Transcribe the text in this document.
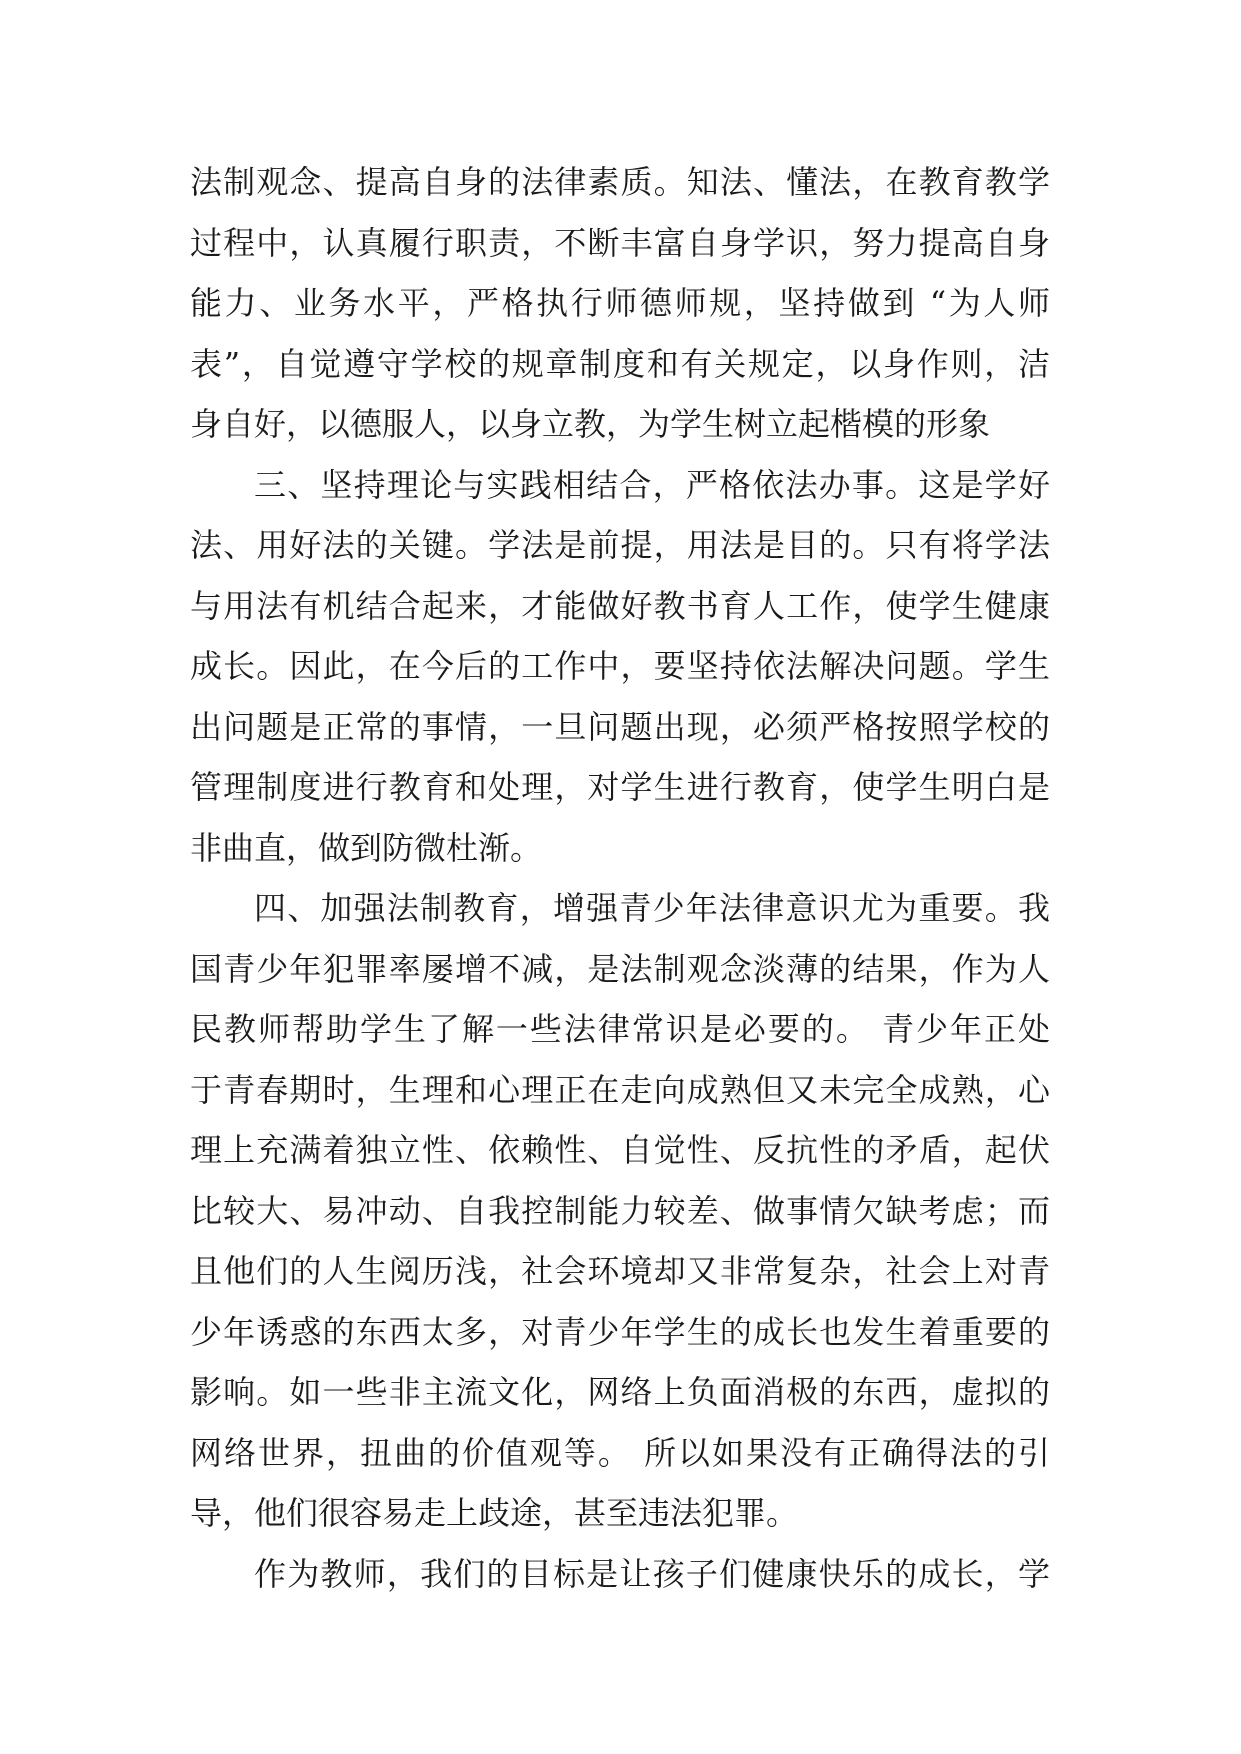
法制观念、提高自身的法律素质。知法、懂法，在教育教学
过程中，认真履行职责，不断丰富自身学识，努力提高自身
能力、业务水平，严格执行师德师规，坚持做到 “为人师
表”，自觉遵守学校的规章制度和有关规定，以身作则，洁
身自好，以德服人，以身立教，为学生树立起楷模的形象
三、坚持理论与实践相结合，严格依法办事。这是学好
法、用好法的关键。学法是前提，用法是目的。只有将学法
与用法有机结合起来，才能做好教书育人工作，使学生健康
成长。因此，在今后的工作中，要坚持依法解决问题。学生
出问题是正常的事情，一旦问题出现，必须严格按照学校的
管理制度进行教育和处理，对学生进行教育，使学生明白是
非曲直，做到防微杜渐。
四、加强法制教育，增强青少年法律意识尤为重要。我
国青少年犯罪率屡增不减，是法制观念淡薄的结果，作为人
民教师帮助学生了解一些法律常识是必要的。 青少年正处
于青春期时，生理和心理正在走向成熟但又未完全成熟，心
理上充满着独立性、依赖性、自觉性、反抗性的矛盾，起伏
比较大、易冲动、自我控制能力较差、做事情欠缺考虑；而
且他们的人生阅历浅，社会环境却又非常复杂，社会上对青
少年诱惑的东西太多，对青少年学生的成长也发生着重要的
影响。如一些非主流文化，网络上负面消极的东西，虚拟的
网络世界，扭曲的价值观等。 所以如果没有正确得法的引
导，他们很容易走上歧途，甚至违法犯罪。
作为教师，我们的目标是让孩子们健康快乐的成长，学
